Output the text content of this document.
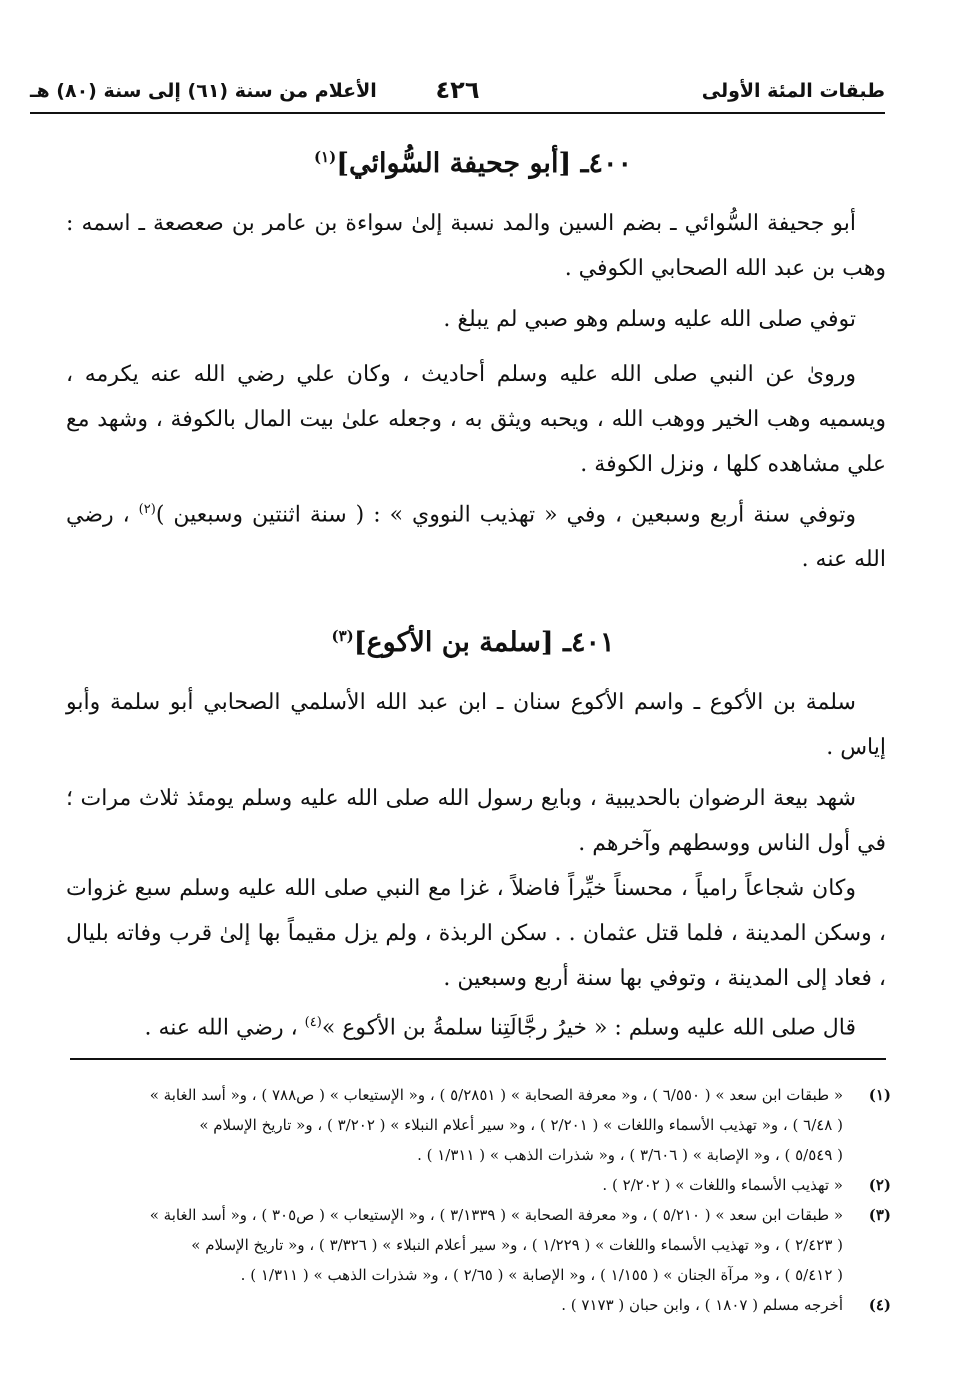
طبقات المئة الأولى
٤٢٦
الأعلام من سنة (٦١) إلى سنة (٨٠) هـ
٤٠٠ـ [أبو جحيفة السُّوائي]$^{(١)}$

أبو جحيفة السُّوائي ـ بضم السين والمد نسبة إلىٰ سواءة بن عامر بن صعصعة ـ اسمه : وهب بن عبد الله الصحابي الكوفي .

توفي صلى الله عليه وسلم وهو صبي لم يبلغ .

ورویٰ عن النبي صلى الله عليه وسلم أحاديث ، وكان علي رضي الله عنه يكرمه ، ويسميه وهب الخير ووهب الله ، ويحبه ويثق به ، وجعله علىٰ بيت المال بالكوفة ، وشهد مع علي مشاهده كلها ، ونزل الكوفة .

وتوفي سنة أربع وسبعين ، وفي « تهذيب النووي » : ( سنة اثنتين وسبعين )$^{(٢)}$ ، رضي الله عنه .

٤٠١ـ [سلمة بن الأكوع]$^{(٣)}$

سلمة بن الأكوع ـ واسم الأكوع سنان ـ ابن عبد الله الأسلمي الصحابي أبو سلمة وأبو إياس .

شهد بيعة الرضوان بالحديبية ، وبايع رسول الله صلى الله عليه وسلم يومئذ ثلاث مرات ؛ في أول الناس ووسطهم وآخرهم .

وكان شجاعاً رامياً ، محسناً خيِّراً فاضلاً ، غزا مع النبي صلى الله عليه وسلم سبع غزوات ، وسكن المدينة ، فلما قتل عثمان . . سكن الربذة ، ولم يزل مقيماً بها إلىٰ قرب وفاته بليال ، فعاد إلى المدينة ، وتوفي بها سنة أربع وسبعين .

قال صلى الله عليه وسلم : « خيرُ رجَّالَتِنا سلمةُ بن الأكوع »$^{(٤)}$ ، رضي الله عنه .

(١)
« طبقات ابن سعد » ( ٦/٥٥٠ ) ، و« معرفة الصحابة » ( ٥/٢٨٥١ ) ، و« الإستيعاب » ( ص٧٨٨ ) ، و« أسد الغابة »
( ٦/٤٨ ) ، و« تهذيب الأسماء واللغات » ( ٢/٢٠١ ) ، و« سير أعلام النبلاء » ( ٣/٢٠٢ ) ، و« تاريخ الإسلام »
( ٥/٥٤٩ ) ، و« الإصابة » ( ٣/٦٠٦ ) ، و« شذرات الذهب » ( ١/٣١١ ) .
(٢)
« تهذيب الأسماء واللغات » ( ٢/٢٠٢ ) .
(٣)
« طبقات ابن سعد » ( ٥/٢١٠ ) ، و« معرفة الصحابة » ( ٣/١٣٣٩ ) ، و« الإستيعاب » ( ص٣٠٥ ) ، و« أسد الغابة »
( ٢/٤٢٣ ) ، و« تهذيب الأسماء واللغات » ( ١/٢٢٩ ) ، و« سير أعلام النبلاء » ( ٣/٣٢٦ ) ، و« تاريخ الإسلام »
( ٥/٤١٢ ) ، و« مرآة الجنان » ( ١/١٥٥ ) ، و« الإصابة » ( ٢/٦٥ ) ، و« شذرات الذهب » ( ١/٣١١ ) .
(٤)
أخرجه مسلم ( ١٨٠٧ ) ، وابن حبان ( ٧١٧٣ ) .
